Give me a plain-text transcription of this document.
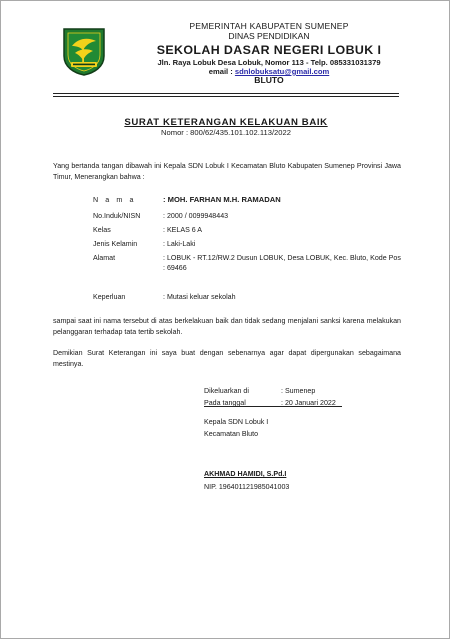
PEMERINTAH KABUPATEN SUMENEP
DINAS PENDIDIKAN
SEKOLAH DASAR NEGERI LOBUK I
Jln. Raya Lobuk Desa Lobuk, Nomor 113 - Telp. 085331031379
email : sdnlobuksatu@gmail.com
BLUTO
SURAT KETERANGAN KELAKUAN BAIK
Nomor : 800/62/435.101.102.113/2022
Yang bertanda tangan dibawah ini Kepala SDN Lobuk I Kecamatan Bluto Kabupaten Sumenep Provinsi Jawa Timur, Menerangkan bahwa :
N a m a	: MOH. FARHAN M.H. RAMADAN
No.Induk/NISN	: 2000 / 0099948443
Kelas	: KELAS 6 A
Jenis Kelamin	: Laki-Laki
Alamat	: LOBUK - RT.12/RW.2 Dusun LOBUK, Desa LOBUK, Kec. Bluto, Kode Pos : 69466
Keperluan	: Mutasi keluar sekolah
sampai saat ini nama tersebut di atas berkelakuan baik dan tidak sedang menjalani sanksi karena melakukan pelanggaran terhadap tata tertib sekolah.
Demikian Surat Keterangan ini saya buat dengan sebenarnya agar dapat dipergunakan sebagaimana mestinya.
Dikeluarkan di	: Sumenep
Pada tanggal	: 20 Januari 2022
Kepala SDN Lobuk I
Kecamatan Bluto
AKHMAD HAMIDI, S.Pd.I
NIP. 196401121985041003
